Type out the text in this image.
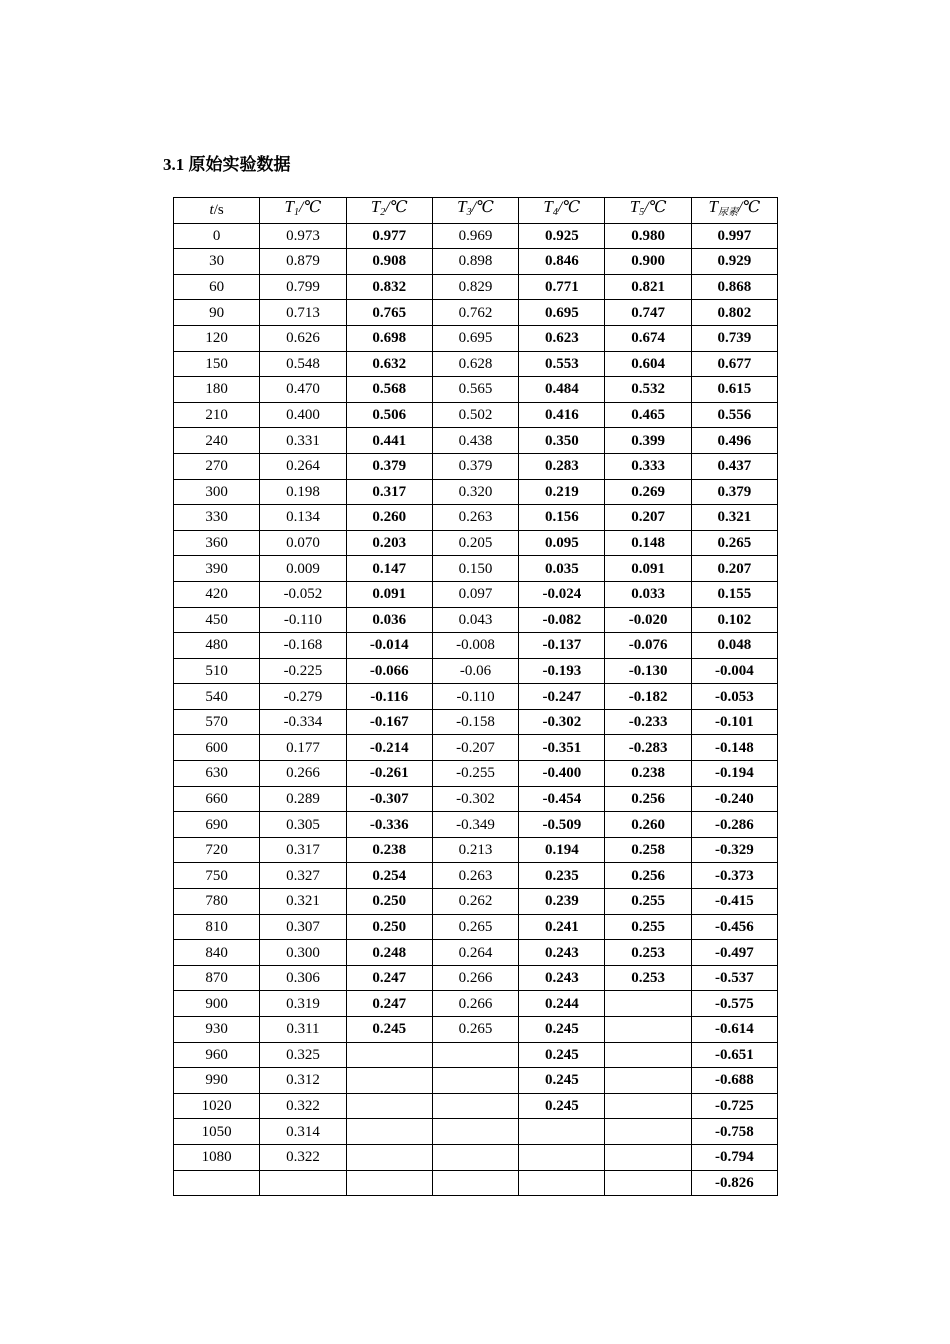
3.1 原始实验数据
t/s	$T_1/℃$	$T_2/℃$	$T_3/℃$	$T_4/℃$	$T_5/℃$	$T_{尿素}/℃$
0	0.973	0.977	0.969	0.925	0.980	0.997
30	0.879	0.908	0.898	0.846	0.900	0.929
60	0.799	0.832	0.829	0.771	0.821	0.868
90	0.713	0.765	0.762	0.695	0.747	0.802
120	0.626	0.698	0.695	0.623	0.674	0.739
150	0.548	0.632	0.628	0.553	0.604	0.677
180	0.470	0.568	0.565	0.484	0.532	0.615
210	0.400	0.506	0.502	0.416	0.465	0.556
240	0.331	0.441	0.438	0.350	0.399	0.496
270	0.264	0.379	0.379	0.283	0.333	0.437
300	0.198	0.317	0.320	0.219	0.269	0.379
330	0.134	0.260	0.263	0.156	0.207	0.321
360	0.070	0.203	0.205	0.095	0.148	0.265
390	0.009	0.147	0.150	0.035	0.091	0.207
420	-0.052	0.091	0.097	-0.024	0.033	0.155
450	-0.110	0.036	0.043	-0.082	-0.020	0.102
480	-0.168	-0.014	-0.008	-0.137	-0.076	0.048
510	-0.225	-0.066	-0.06	-0.193	-0.130	-0.004
540	-0.279	-0.116	-0.110	-0.247	-0.182	-0.053
570	-0.334	-0.167	-0.158	-0.302	-0.233	-0.101
600	0.177	-0.214	-0.207	-0.351	-0.283	-0.148
630	0.266	-0.261	-0.255	-0.400	0.238	-0.194
660	0.289	-0.307	-0.302	-0.454	0.256	-0.240
690	0.305	-0.336	-0.349	-0.509	0.260	-0.286
720	0.317	0.238	0.213	0.194	0.258	-0.329
750	0.327	0.254	0.263	0.235	0.256	-0.373
780	0.321	0.250	0.262	0.239	0.255	-0.415
810	0.307	0.250	0.265	0.241	0.255	-0.456
840	0.300	0.248	0.264	0.243	0.253	-0.497
870	0.306	0.247	0.266	0.243	0.253	-0.537
900	0.319	0.247	0.266	0.244		-0.575
930	0.311	0.245	0.265	0.245		-0.614
960	0.325			0.245		-0.651
990	0.312			0.245		-0.688
1020	0.322			0.245		-0.725
1050	0.314					-0.758
1080	0.322					-0.794
						-0.826
